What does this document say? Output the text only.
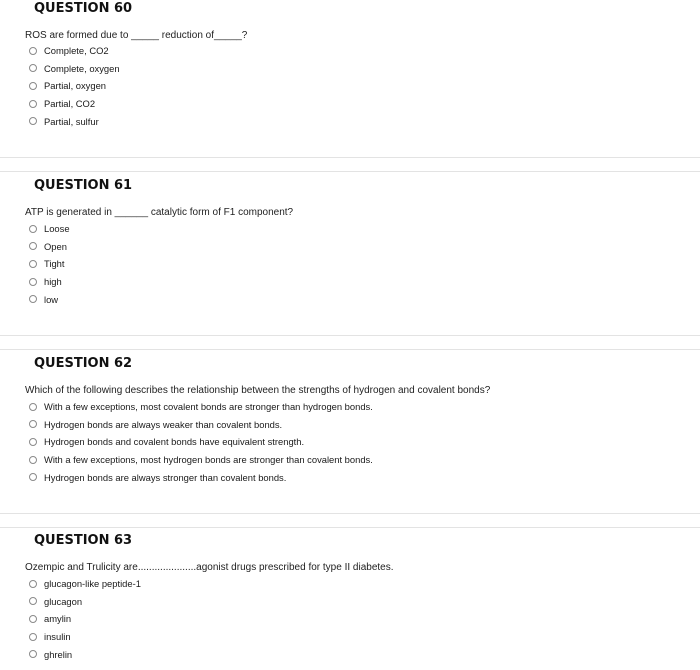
QUESTION 60
ROS are formed due to _____ reduction of_____?
Complete, CO2
Complete, oxygen
Partial, oxygen
Partial, CO2
Partial, sulfur
QUESTION 61
ATP is generated in ______ catalytic form of F1 component?
Loose
Open
Tight
high
low
QUESTION 62
Which of the following describes the relationship between the strengths of hydrogen and covalent bonds?
With a few exceptions, most covalent bonds are stronger than hydrogen bonds.
Hydrogen bonds are always weaker than covalent bonds.
Hydrogen bonds and covalent bonds have equivalent strength.
With a few exceptions, most hydrogen bonds are stronger than covalent bonds.
Hydrogen bonds are always stronger than covalent bonds.
QUESTION 63
Ozempic and Trulicity are.....................agonist drugs prescribed for type II diabetes.
glucagon-like peptide-1
glucagon
amylin
insulin
ghrelin
